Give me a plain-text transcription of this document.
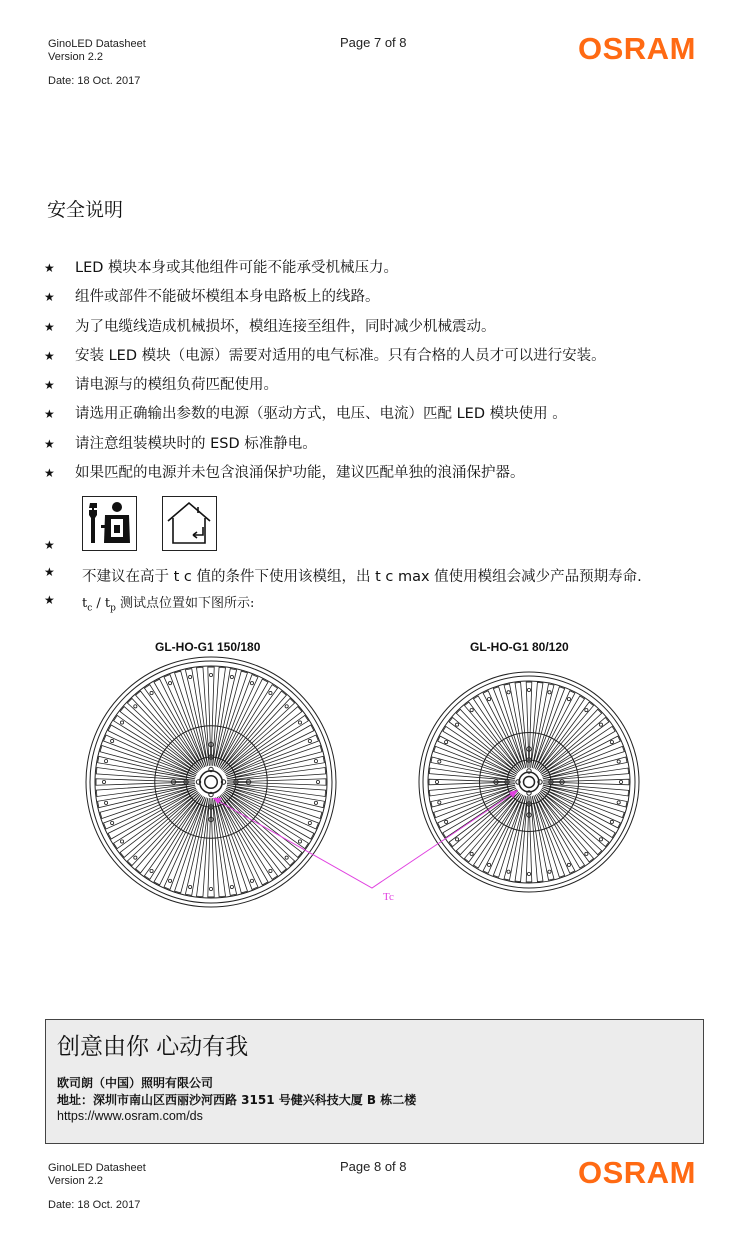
GinoLED Datasheet
Version 2.2
Date: 18 Oct. 2017
Page 7 of 8	OSRAM
安全说明
★ LED 模块本身或其他组件可能不能承受机械压力。
★ 组件或部件不能破坏模组本身电路板上的线路。
★ 为了电缆线造成机械损坏，模组连接至组件，同时减少机械震动。
★ 安装 LED 模块（电源）需要对适用的电气标准。只有合格的人员才可以进行安装。
★ 请电源与的模组负荷匹配使用。
★ 请选用正确输出参数的电源（驱动方式，电压、电流）匹配 LED 模块使用 。
★ 请注意组装模块时的 ESD 标准静电。
★ 如果匹配的电源并未包含浪涌保护功能，建议匹配单独的浪涌保护器。
★
★ 不建议在高于 t c 值的条件下使用该模组，出 t c max 值使用模组会减少产品预期寿命.
★ $t_c / t_p$ 测试点位置如下图所示:
GL-HO-G1 150/180	GL-HO-G1 80/120
Tc
创意由你 心动有我
欧司朗（中国）照明有限公司
地址：深圳市南山区西丽沙河西路 3151 号健兴科技大厦 B 栋二楼
https://www.osram.com/ds
GinoLED Datasheet
Version 2.2
Date: 18 Oct. 2017
Page 8 of 8	OSRAM
